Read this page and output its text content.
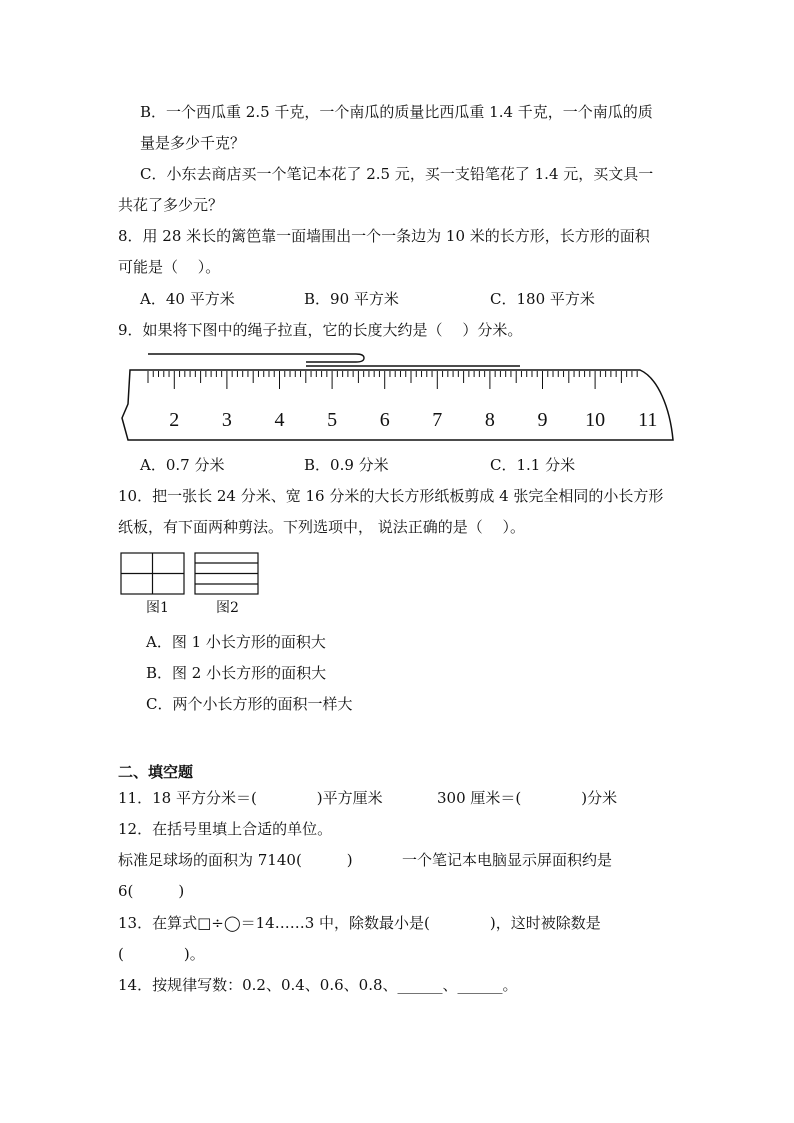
B．一个西瓜重 2.5 千克，一个南瓜的质量比西瓜重 1.4 千克，一个南瓜的质
量是多少千克？
C．小东去商店买一个笔记本花了 2.5 元，买一支铅笔花了 1.4 元，买文具一
共花了多少元？
8．用 28 米长的篱笆靠一面墙围出一个一条边为 10 米的长方形，长方形的面积
可能是（　 ）。
A．40 平方米	B．90 平方米	C．180 平方米
9．如果将下图中的绳子拉直，它的长度大约是（　 ）分米。
2 3 4 5 6 7 8 9 10 11
A．0.7 分米	B．0.9 分米	C．1.1 分米
10．把一张长 24 分米、宽 16 分米的大长方形纸板剪成 4 张完全相同的小长方形
纸板，有下面两种剪法。下列选项中， 说法正确的是（　 ）。
图1	图2
A．图 1 小长方形的面积大
B．图 2 小长方形的面积大
C．两个小长方形的面积一样大
二、填空题
11．18 平方分米＝(　　　　)平方厘米	300 厘米＝(　　　　)分米
12．在括号里填上合适的单位。
标准足球场的面积为 7140(　　　)	一个笔记本电脑显示屏面积约是
6(　　　)
13．在算式□÷◯＝14……3 中，除数最小是(　　　　)，这时被除数是
(　　　　)。
14．按规律写数：0.2、0.4、0.6、0.8、______、______。
